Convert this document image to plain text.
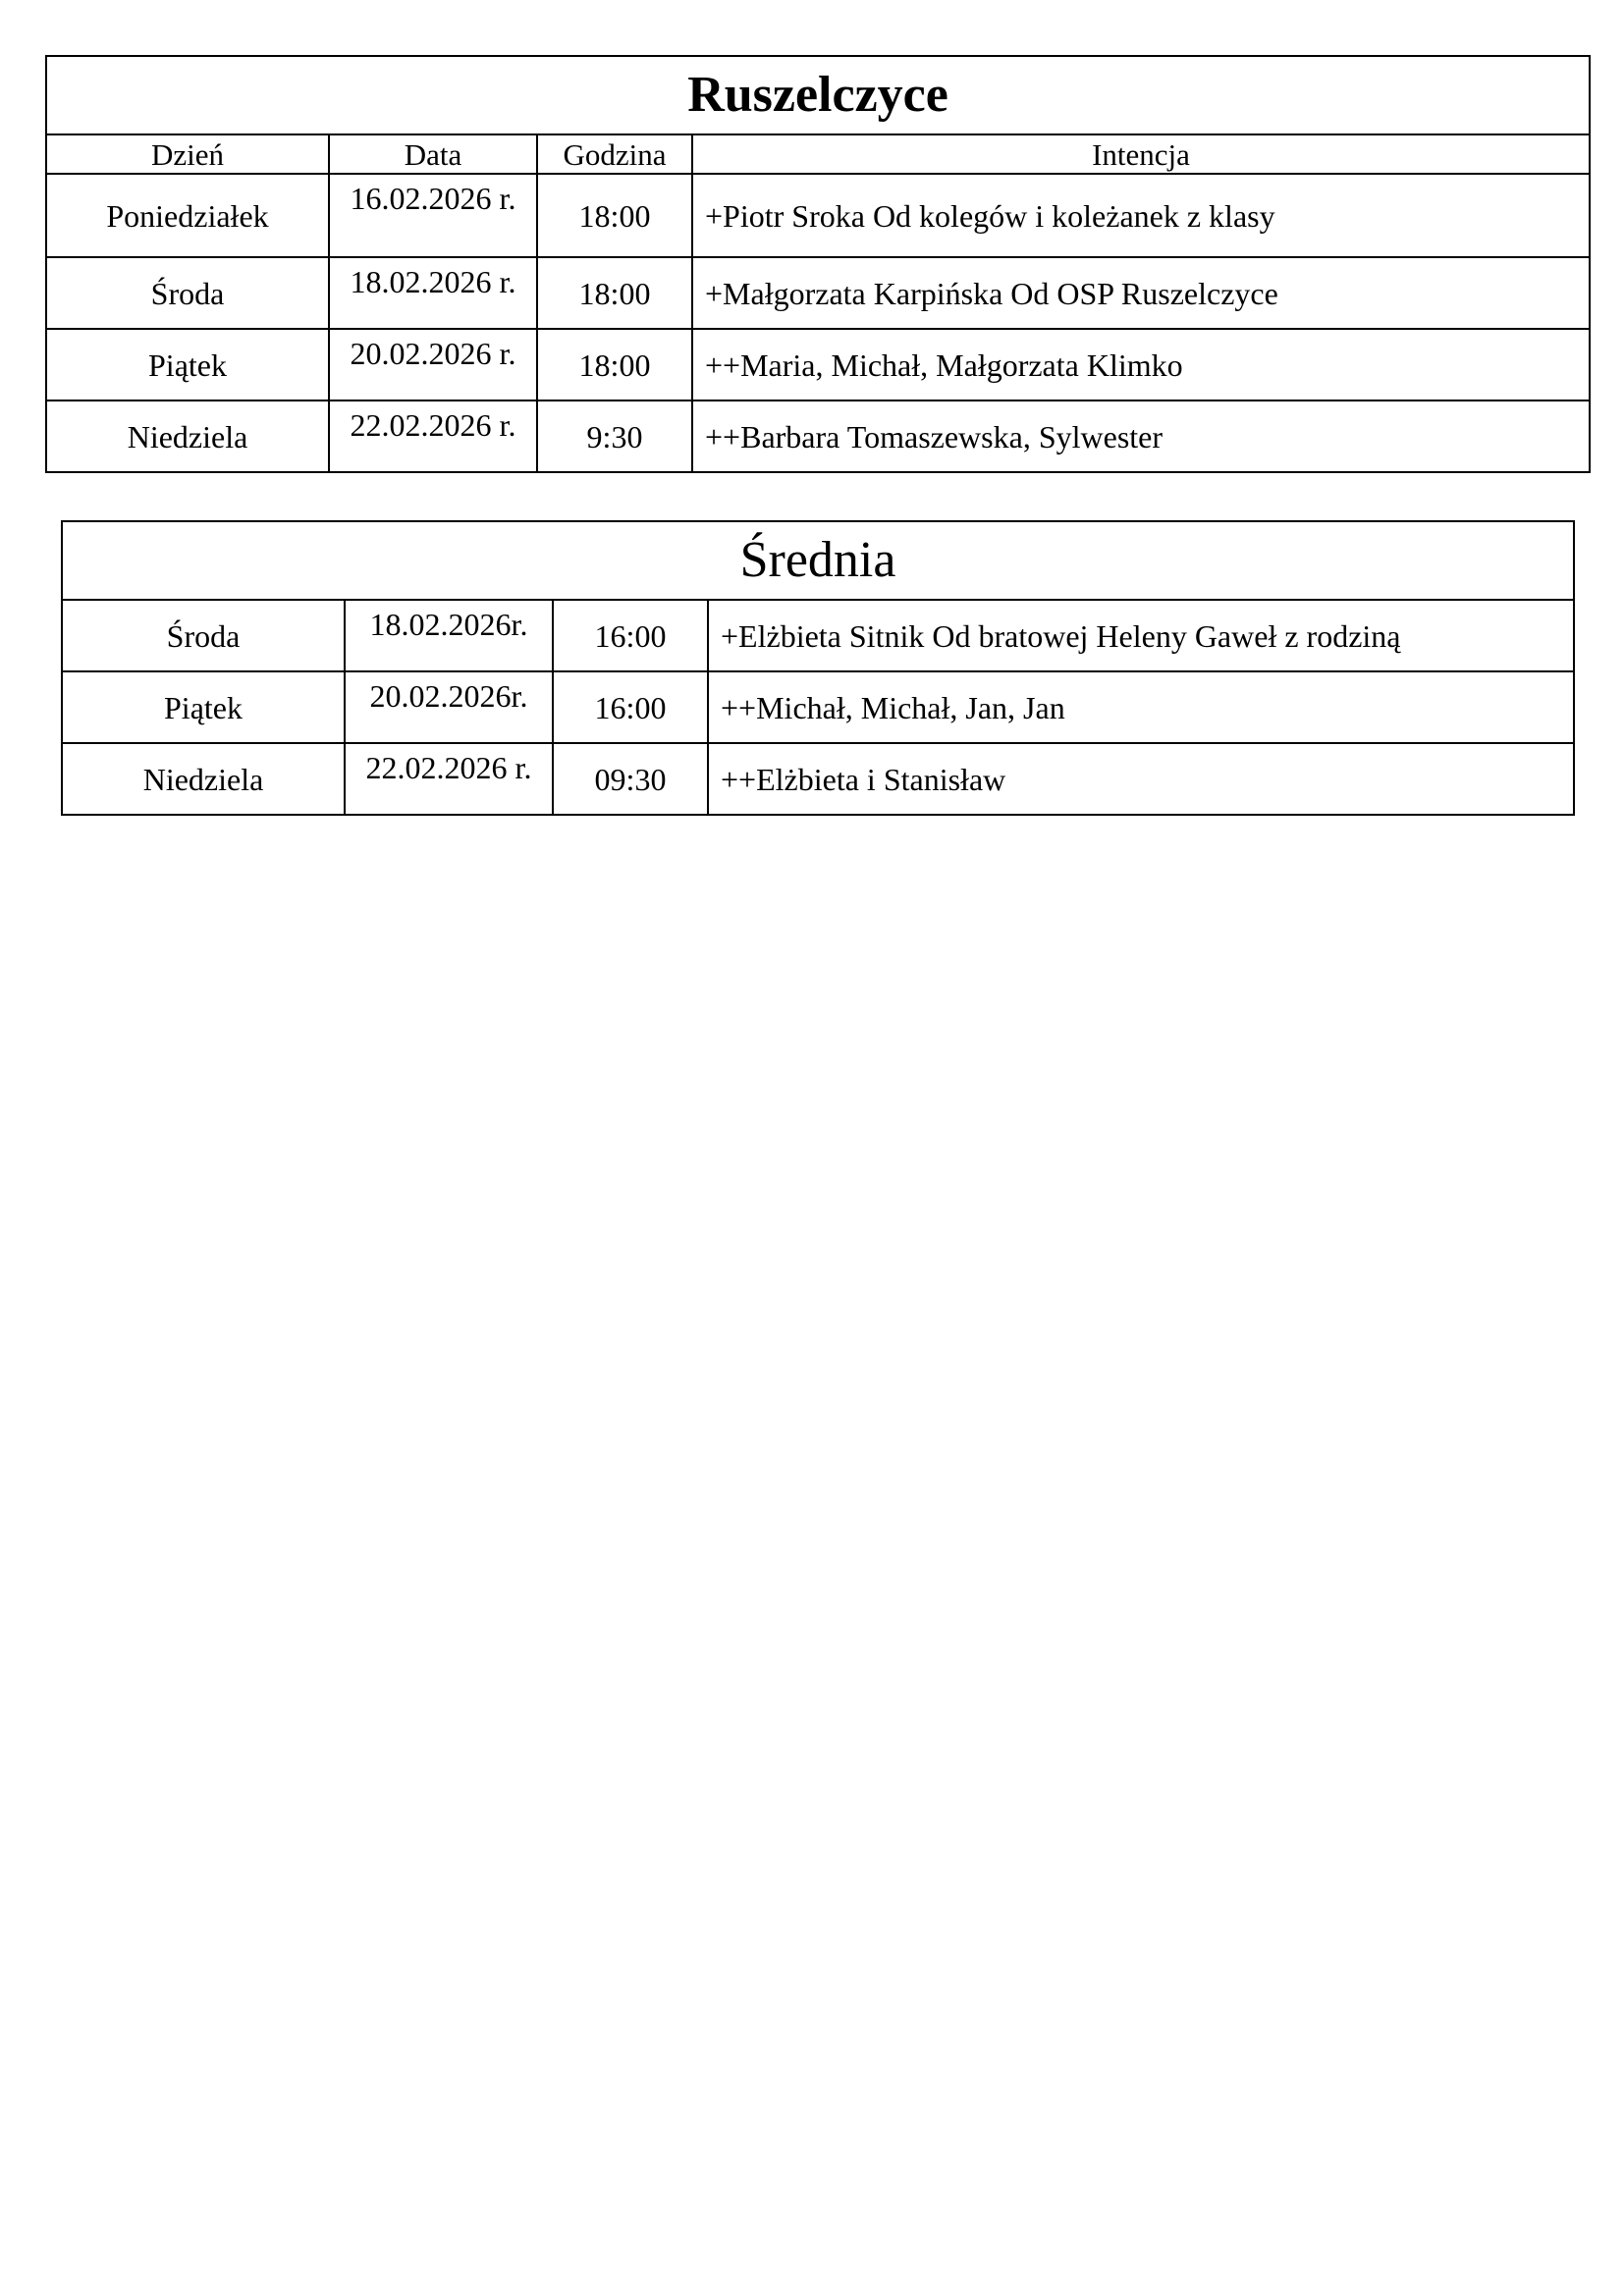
Ruszelczyce			
Dzień	Data	Godzina	Intencja
Poniedziałek	16.02.2026 r.	18:00	+Piotr Sroka Od kolegów i koleżanek z klasy
Środa	18.02.2026 r.	18:00	+Małgorzata Karpińska Od OSP Ruszelczyce
Piątek	20.02.2026 r.	18:00	++Maria, Michał, Małgorzata Klimko
Niedziela	22.02.2026 r.	9:30	++Barbara Tomaszewska, Sylwester
Średnia			
Środa	18.02.2026r.	16:00	+Elżbieta Sitnik Od bratowej Heleny Gaweł z rodziną
Piątek	20.02.2026r.	16:00	++Michał, Michał, Jan, Jan
Niedziela	22.02.2026 r.	09:30	++Elżbieta i Stanisław
